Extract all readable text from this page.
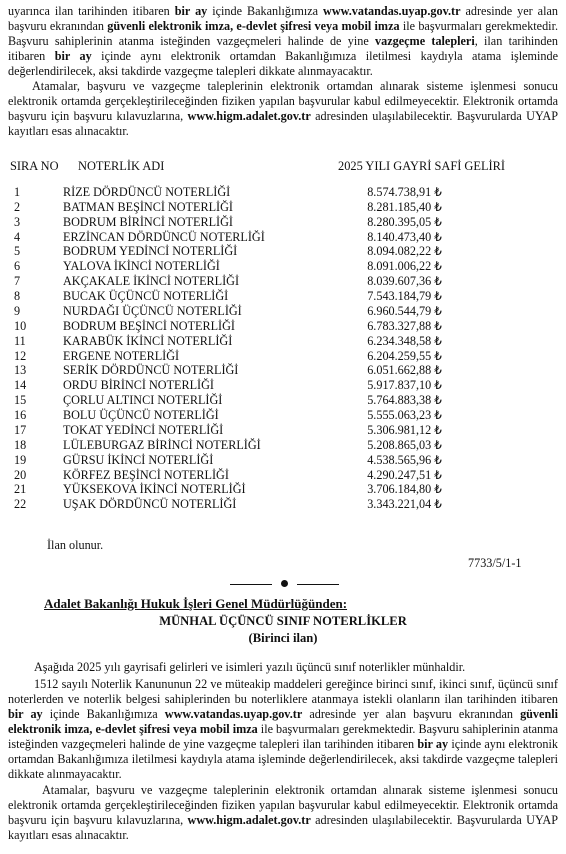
uyarınca ilan tarihinden itibaren bir ay içinde Bakanlığımıza www.vatandas.uyap.gov.tr adresinde yer alan başvuru ekranından güvenli elektronik imza, e-devlet şifresi veya mobil imza ile başvurmaları gerekmektedir. Başvuru sahiplerinin atanma isteğinden vazgeçmeleri halinde de yine vazgeçme talepleri, ilan tarihinden itibaren bir ay içinde aynı elektronik ortamdan Bakanlığımıza iletilmesi kaydıyla atama işleminde değerlendirilecek, aksi takdirde vazgeçme talepleri dikkate alınmayacaktır.

Atamalar, başvuru ve vazgeçme taleplerinin elektronik ortamdan alınarak sisteme işlenmesi sonucu elektronik ortamda gerçekleştirileceğinden fiziken yapılan başvurular kabul edilmeyecektir. Elektronik ortamda başvuru için başvuru kılavuzlarına, www.higm.adalet.gov.tr adresinden ulaşılabilecektir. Başvurularda UYAP kayıtları esas alınacaktır.

SIRA NO NOTERLİK ADI	2025 YILI GAYRİ SAFİ GELİRİ
1	RİZE DÖRDÜNCÜ NOTERLİĞİ	8.574.738,91 ₺
2	BATMAN BEŞİNCİ NOTERLİĞİ	8.281.185,40 ₺
3	BODRUM BİRİNCİ NOTERLİĞİ	8.280.395,05 ₺
4	ERZİNCAN DÖRDÜNCÜ NOTERLİĞİ	8.140.473,40 ₺
5	BODRUM YEDİNCİ NOTERLİĞİ	8.094.082,22 ₺
6	YALOVA İKİNCİ NOTERLİĞİ	8.091.006,22 ₺
7	AKÇAKALE İKİNCİ NOTERLİĞİ	8.039.607,36 ₺
8	BUCAK ÜÇÜNCÜ NOTERLİĞİ	7.543.184,79 ₺
9	NURDAĞI ÜÇÜNCÜ NOTERLİĞİ	6.960.544,79 ₺
10	BODRUM BEŞİNCİ NOTERLİĞİ	6.783.327,88 ₺
11	KARABÜK İKİNCİ NOTERLİĞİ	6.234.348,58 ₺
12	ERGENE NOTERLİĞİ	6.204.259,55 ₺
13	SERİK DÖRDÜNCÜ NOTERLİĞİ	6.051.662,88 ₺
14	ORDU BİRİNCİ NOTERLİĞİ	5.917.837,10 ₺
15	ÇORLU ALTINCI NOTERLİĞİ	5.764.883,38 ₺
16	BOLU ÜÇÜNCÜ NOTERLİĞİ	5.555.063,23 ₺
17	TOKAT YEDİNCİ NOTERLİĞİ	5.306.981,12 ₺
18	LÜLEBURGAZ BİRİNCİ NOTERLİĞİ	5.208.865,03 ₺
19	GÜRSU İKİNCİ NOTERLİĞİ	4.538.565,96 ₺
20	KÖRFEZ BEŞİNCİ NOTERLİĞİ	4.290.247,51 ₺
21	YÜKSEKOVA İKİNCİ NOTERLİĞİ	3.706.184,80 ₺
22	UŞAK DÖRDÜNCÜ NOTERLİĞİ	3.343.221,04 ₺
İlan olunur.
7733/5/1-1
Adalet Bakanlığı Hukuk İşleri Genel Müdürlüğünden:
MÜNHAL ÜÇÜNCÜ SINIF NOTERLİKLER
(Birinci ilan)

Aşağıda 2025 yılı gayrisafi gelirleri ve isimleri yazılı üçüncü sınıf noterlikler münhaldir.

1512 sayılı Noterlik Kanununun 22 ve müteakip maddeleri gereğince birinci sınıf, ikinci sınıf, üçüncü sınıf noterlerden ve noterlik belgesi sahiplerinden bu noterliklere atanmaya istekli olanların ilan tarihinden itibaren bir ay içinde Bakanlığımıza www.vatandas.uyap.gov.tr adresinde yer alan başvuru ekranından güvenli elektronik imza, e-devlet şifresi veya mobil imza ile başvurmaları gerekmektedir. Başvuru sahiplerinin atanma isteğinden vazgeçmeleri halinde de yine vazgeçme talepleri ilan tarihinden itibaren bir ay içinde aynı elektronik ortamdan Bakanlığımıza iletilmesi kaydıyla atama işleminde değerlendirilecek, aksi takdirde vazgeçme talepleri dikkate alınmayacaktır.

Atamalar, başvuru ve vazgeçme taleplerinin elektronik ortamdan alınarak sisteme işlenmesi sonucu elektronik ortamda gerçekleştirileceğinden fiziken yapılan başvurular kabul edilmeyecektir. Elektronik ortamda başvuru için başvuru kılavuzlarına, www.higm.adalet.gov.tr adresinden ulaşılabilecektir. Başvurularda UYAP kayıtları esas alınacaktır.
